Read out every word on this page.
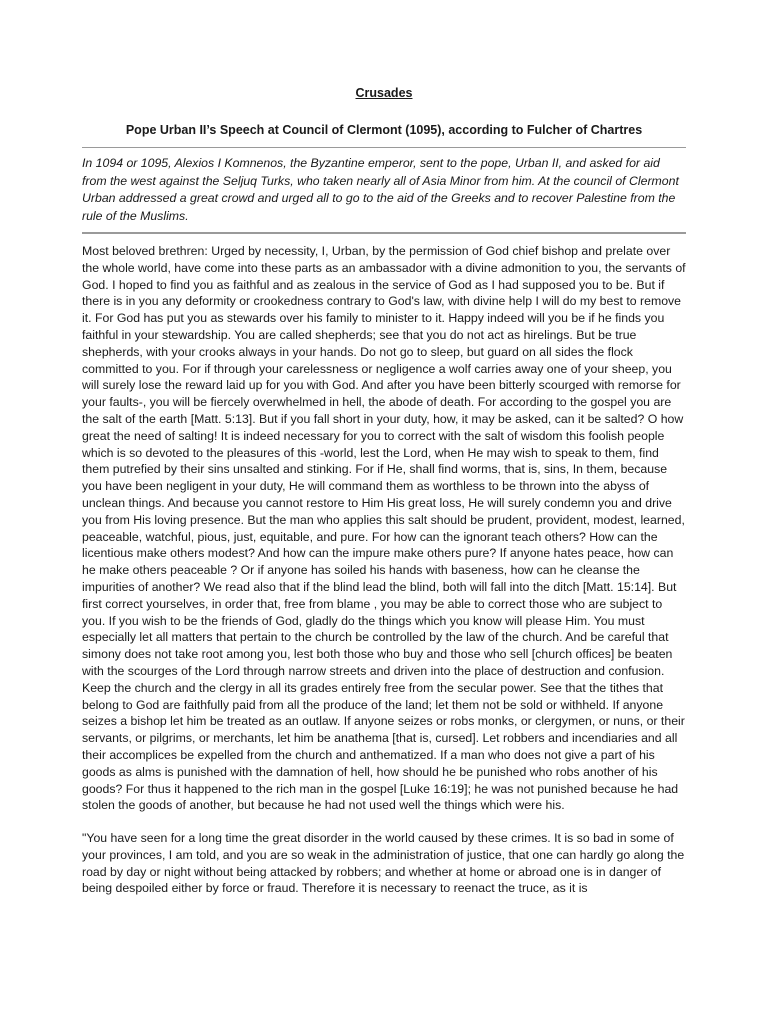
Crusades

Pope Urban II’s Speech at Council of Clermont (1095), according to Fulcher of Chartres

In 1094 or 1095, Alexios I Komnenos, the Byzantine emperor, sent to the pope, Urban II, and asked for aid from the west against the Seljuq Turks, who taken nearly all of Asia Minor from him. At the council of Clermont Urban addressed a great crowd and urged all to go to the aid of the Greeks and to recover Palestine from the rule of the Muslims.

Most beloved brethren: Urged by necessity, I, Urban, by the permission of God chief bishop and prelate over the whole world, have come into these parts as an ambassador with a divine admonition to you, the servants of God. I hoped to find you as faithful and as zealous in the service of God as I had supposed you to be. But if there is in you any deformity or crookedness contrary to God's law, with divine help I will do my best to remove it. For God has put you as stewards over his family to minister to it. Happy indeed will you be if he finds you faithful in your stewardship. You are called shepherds; see that you do not act as hirelings. But be true shepherds, with your crooks always in your hands. Do not go to sleep, but guard on all sides the flock committed to you. For if through your carelessness or negligence a wolf carries away one of your sheep, you will surely lose the reward laid up for you with God. And after you have been bitterly scourged with remorse for your faults-, you will be fiercely overwhelmed in hell, the abode of death. For according to the gospel you are the salt of the earth [Matt. 5:13]. But if you fall short in your duty, how, it may be asked, can it be salted? O how great the need of salting! It is indeed necessary for you to correct with the salt of wisdom this foolish people which is so devoted to the pleasures of this -world, lest the Lord, when He may wish to speak to them, find them putrefied by their sins unsalted and stinking. For if He, shall find worms, that is, sins, In them, because you have been negligent in your duty, He will command them as worthless to be thrown into the abyss of unclean things. And because you cannot restore to Him His great loss, He will surely condemn you and drive you from His loving presence. But the man who applies this salt should be prudent, provident, modest, learned, peaceable, watchful, pious, just, equitable, and pure. For how can the ignorant teach others? How can the licentious make others modest? And how can the impure make others pure? If anyone hates peace, how can he make others peaceable ? Or if anyone has soiled his hands with baseness, how can he cleanse the impurities of another? We read also that if the blind lead the blind, both will fall into the ditch [Matt. 15:14]. But first correct yourselves, in order that, free from blame , you may be able to correct those who are subject to you. If you wish to be the friends of God, gladly do the things which you know will please Him. You must especially let all matters that pertain to the church be controlled by the law of the church. And be careful that simony does not take root among you, lest both those who buy and those who sell [church offices] be beaten with the scourges of the Lord through narrow streets and driven into the place of destruction and confusion. Keep the church and the clergy in all its grades entirely free from the secular power. See that the tithes that belong to God are faithfully paid from all the produce of the land; let them not be sold or withheld. If anyone seizes a bishop let him be treated as an outlaw. If anyone seizes or robs monks, or clergymen, or nuns, or their servants, or pilgrims, or merchants, let him be anathema [that is, cursed]. Let robbers and incendiaries and all their accomplices be expelled from the church and anthematized. If a man who does not give a part of his goods as alms is punished with the damnation of hell, how should he be punished who robs another of his goods? For thus it happened to the rich man in the gospel [Luke 16:19]; he was not punished because he had stolen the goods of another, but because he had not used well the things which were his.

"You have seen for a long time the great disorder in the world caused by these crimes. It is so bad in some of your provinces, I am told, and you are so weak in the administration of justice, that one can hardly go along the road by day or night without being attacked by robbers; and whether at home or abroad one is in danger of being despoiled either by force or fraud. Therefore it is necessary to reenact the truce, as it is
